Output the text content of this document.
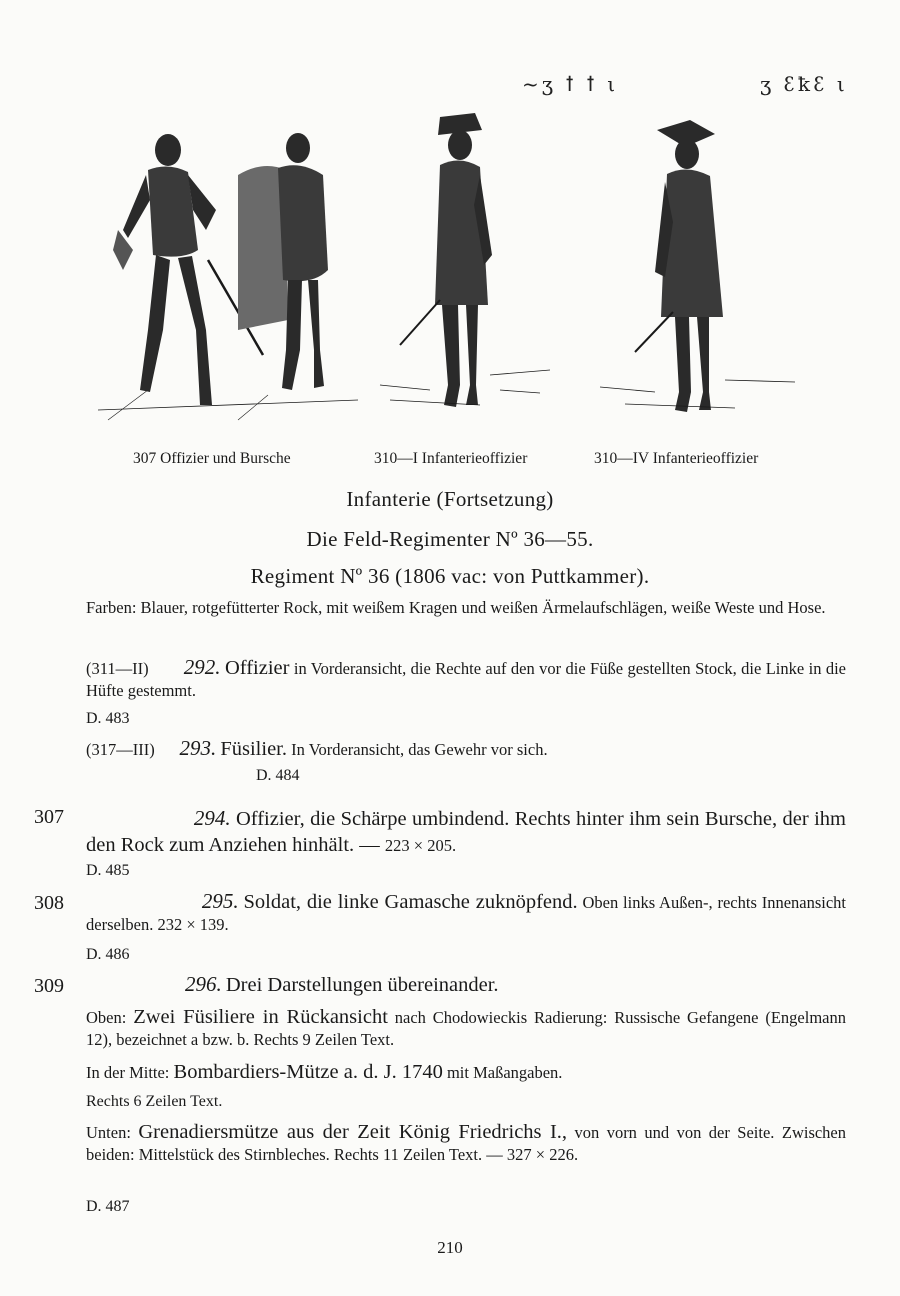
~ʒ ꝉ ꝉ ι	ʒ ꜫꝁꜫ ι
307 Offizier und Bursche	310—I Infanterieoffizier	310—IV Infanterieoffizier
Infanterie (Fortsetzung)
Die Feld-Regimenter Nº 36—55.
Regiment Nº 36 (1806 vac: von Puttkammer).
Farben: Blauer, rotgefütterter Rock, mit weißem Kragen und weißen Ärmelaufschlägen, weiße Weste und Hose.
(311—II) 292. Offizier in Vorderansicht, die Rechte auf den vor die Füße gestellten Stock, die Linke in die Hüfte gestemmt.
D. 483
(317—III) 293. Füsilier. In Vorderansicht, das Gewehr vor sich.
D. 484
307	294. Offizier, die Schärpe umbindend. Rechts hinter ihm sein Bursche, der ihm den Rock zum Anziehen hinhält. — 223 × 205.
D. 485
308	295. Soldat, die linke Gamasche zuknöpfend. Oben links Außen-, rechts Innenansicht derselben. 232 × 139.
D. 486
309	296. Drei Darstellungen übereinander.
Oben: Zwei Füsiliere in Rückansicht nach Chodowieckis Radierung: Russische Gefangene (Engelmann 12), bezeichnet a bzw. b. Rechts 9 Zeilen Text.
In der Mitte: Bombardiers-Mütze a. d. J. 1740 mit Maßangaben.
Rechts 6 Zeilen Text.
Unten: Grenadiersmütze aus der Zeit König Friedrichs I., von vorn und von der Seite. Zwischen beiden: Mittelstück des Stirnbleches. Rechts 11 Zeilen Text. — 327 × 226.
D. 487
210
